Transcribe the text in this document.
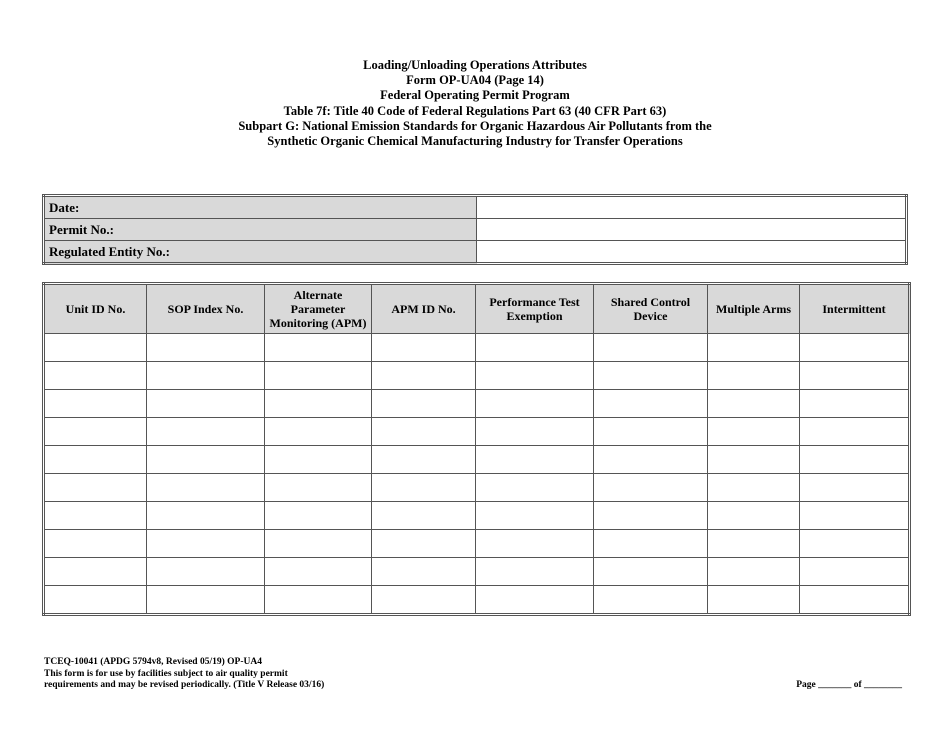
Loading/Unloading Operations Attributes
Form OP-UA04 (Page 14)
Federal Operating Permit Program
Table 7f: Title 40 Code of Federal Regulations Part 63 (40 CFR Part 63)
Subpart G: National Emission Standards for Organic Hazardous Air Pollutants from the
Synthetic Organic Chemical Manufacturing Industry for Transfer Operations
Date:	
Permit No.:	
Regulated Entity No.:	
Unit ID No.	SOP Index No.	Alternate Parameter Monitoring (APM)	APM ID No.	Performance Test Exemption	Shared Control Device	Multiple Arms	Intermittent

TCEQ-10041 (APDG 5794v8, Revised 05/19) OP-UA4
This form is for use by facilities subject to air quality permit
requirements and may be revised periodically. (Title V Release 03/16)	Page _______ of ________
